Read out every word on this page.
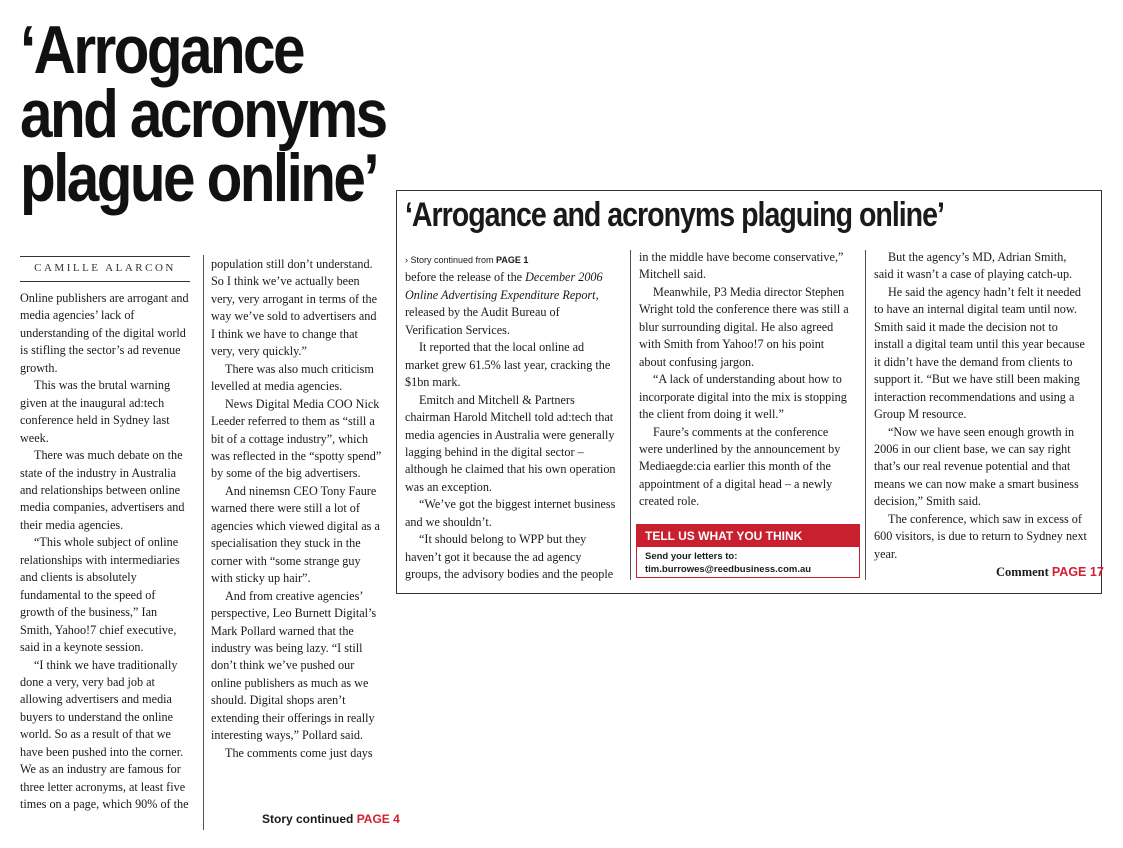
‘Arrogance
and acronyms
plague online’
CAMILLE ALARCON

Online publishers are arrogant and media agencies’ lack of understanding of the digital world is stifling the sector’s ad revenue growth.

This was the brutal warning given at the inaugural ad:tech conference held in Sydney last week.

There was much debate on the state of the industry in Australia and relationships between online media companies, advertisers and their media agencies.

“This whole subject of online relationships with intermediaries and clients is absolutely fundamental to the speed of growth of the business,” Ian Smith, Yahoo!7 chief executive, said in a keynote session.

“I think we have traditionally done a very, very bad job at allowing advertisers and media buyers to understand the online world. So as a result of that we have been pushed into the corner. We as an industry are famous for three letter acronyms, at least five times on a page, which 90% of the

population still don’t understand. So I think we’ve actually been very, very arrogant in terms of the way we’ve sold to advertisers and I think we have to change that very, very quickly.”

There was also much criticism levelled at media agencies.

News Digital Media COO Nick Leeder referred to them as “still a bit of a cottage industry”, which was reflected in the “spotty spend” by some of the big advertisers.

And ninemsn CEO Tony Faure warned there were still a lot of agencies which viewed digital as a specialisation they stuck in the corner with “some strange guy with sticky up hair”.

And from creative agencies’ perspective, Leo Burnett Digital’s Mark Pollard warned that the industry was being lazy. “I still don’t think we’ve pushed our online publishers as much as we should. Digital shops aren’t extending their offerings in really interesting ways,” Pollard said.

The comments come just days

Story continued PAGE 4
‘Arrogance and acronyms plaguing online’
› Story continued from PAGE 1

before the release of the December 2006 Online Advertising Expenditure Report, released by the Audit Bureau of Verification Services.

It reported that the local online ad market grew 61.5% last year, cracking the $1bn mark.

Emitch and Mitchell & Partners chairman Harold Mitchell told ad:tech that media agencies in Australia were generally lagging behind in the digital sector – although he claimed that his own operation was an exception.

“We’ve got the biggest internet business and we shouldn’t.

“It should belong to WPP but they haven’t got it because the ad agency groups, the advisory bodies and the people

in the middle have become conservative,” Mitchell said.

Meanwhile, P3 Media director Stephen Wright told the conference there was still a blur surrounding digital. He also agreed with Smith from Yahoo!7 on his point about confusing jargon.

“A lack of understanding about how to incorporate digital into the mix is stopping the client from doing it well.”

Faure’s comments at the conference were underlined by the announcement by Mediaegde:cia earlier this month of the appointment of a digital head – a newly created role.

TELL US WHAT YOU THINK
Send your letters to:
tim.burrowes@reedbusiness.com.au

But the agency’s MD, Adrian Smith, said it wasn’t a case of playing catch-up.

He said the agency hadn’t felt it needed to have an internal digital team until now. Smith said it made the decision not to install a digital team until this year because it didn’t have the demand from clients to support it. “But we have still been making interaction recommendations and using a Group M resource.

“Now we have seen enough growth in 2006 in our client base, we can say right that’s our real revenue potential and that means we can now make a smart business decision,” Smith said.

The conference, which saw in excess of 600 visitors, is due to return to Sydney next year.

Comment PAGE 17
